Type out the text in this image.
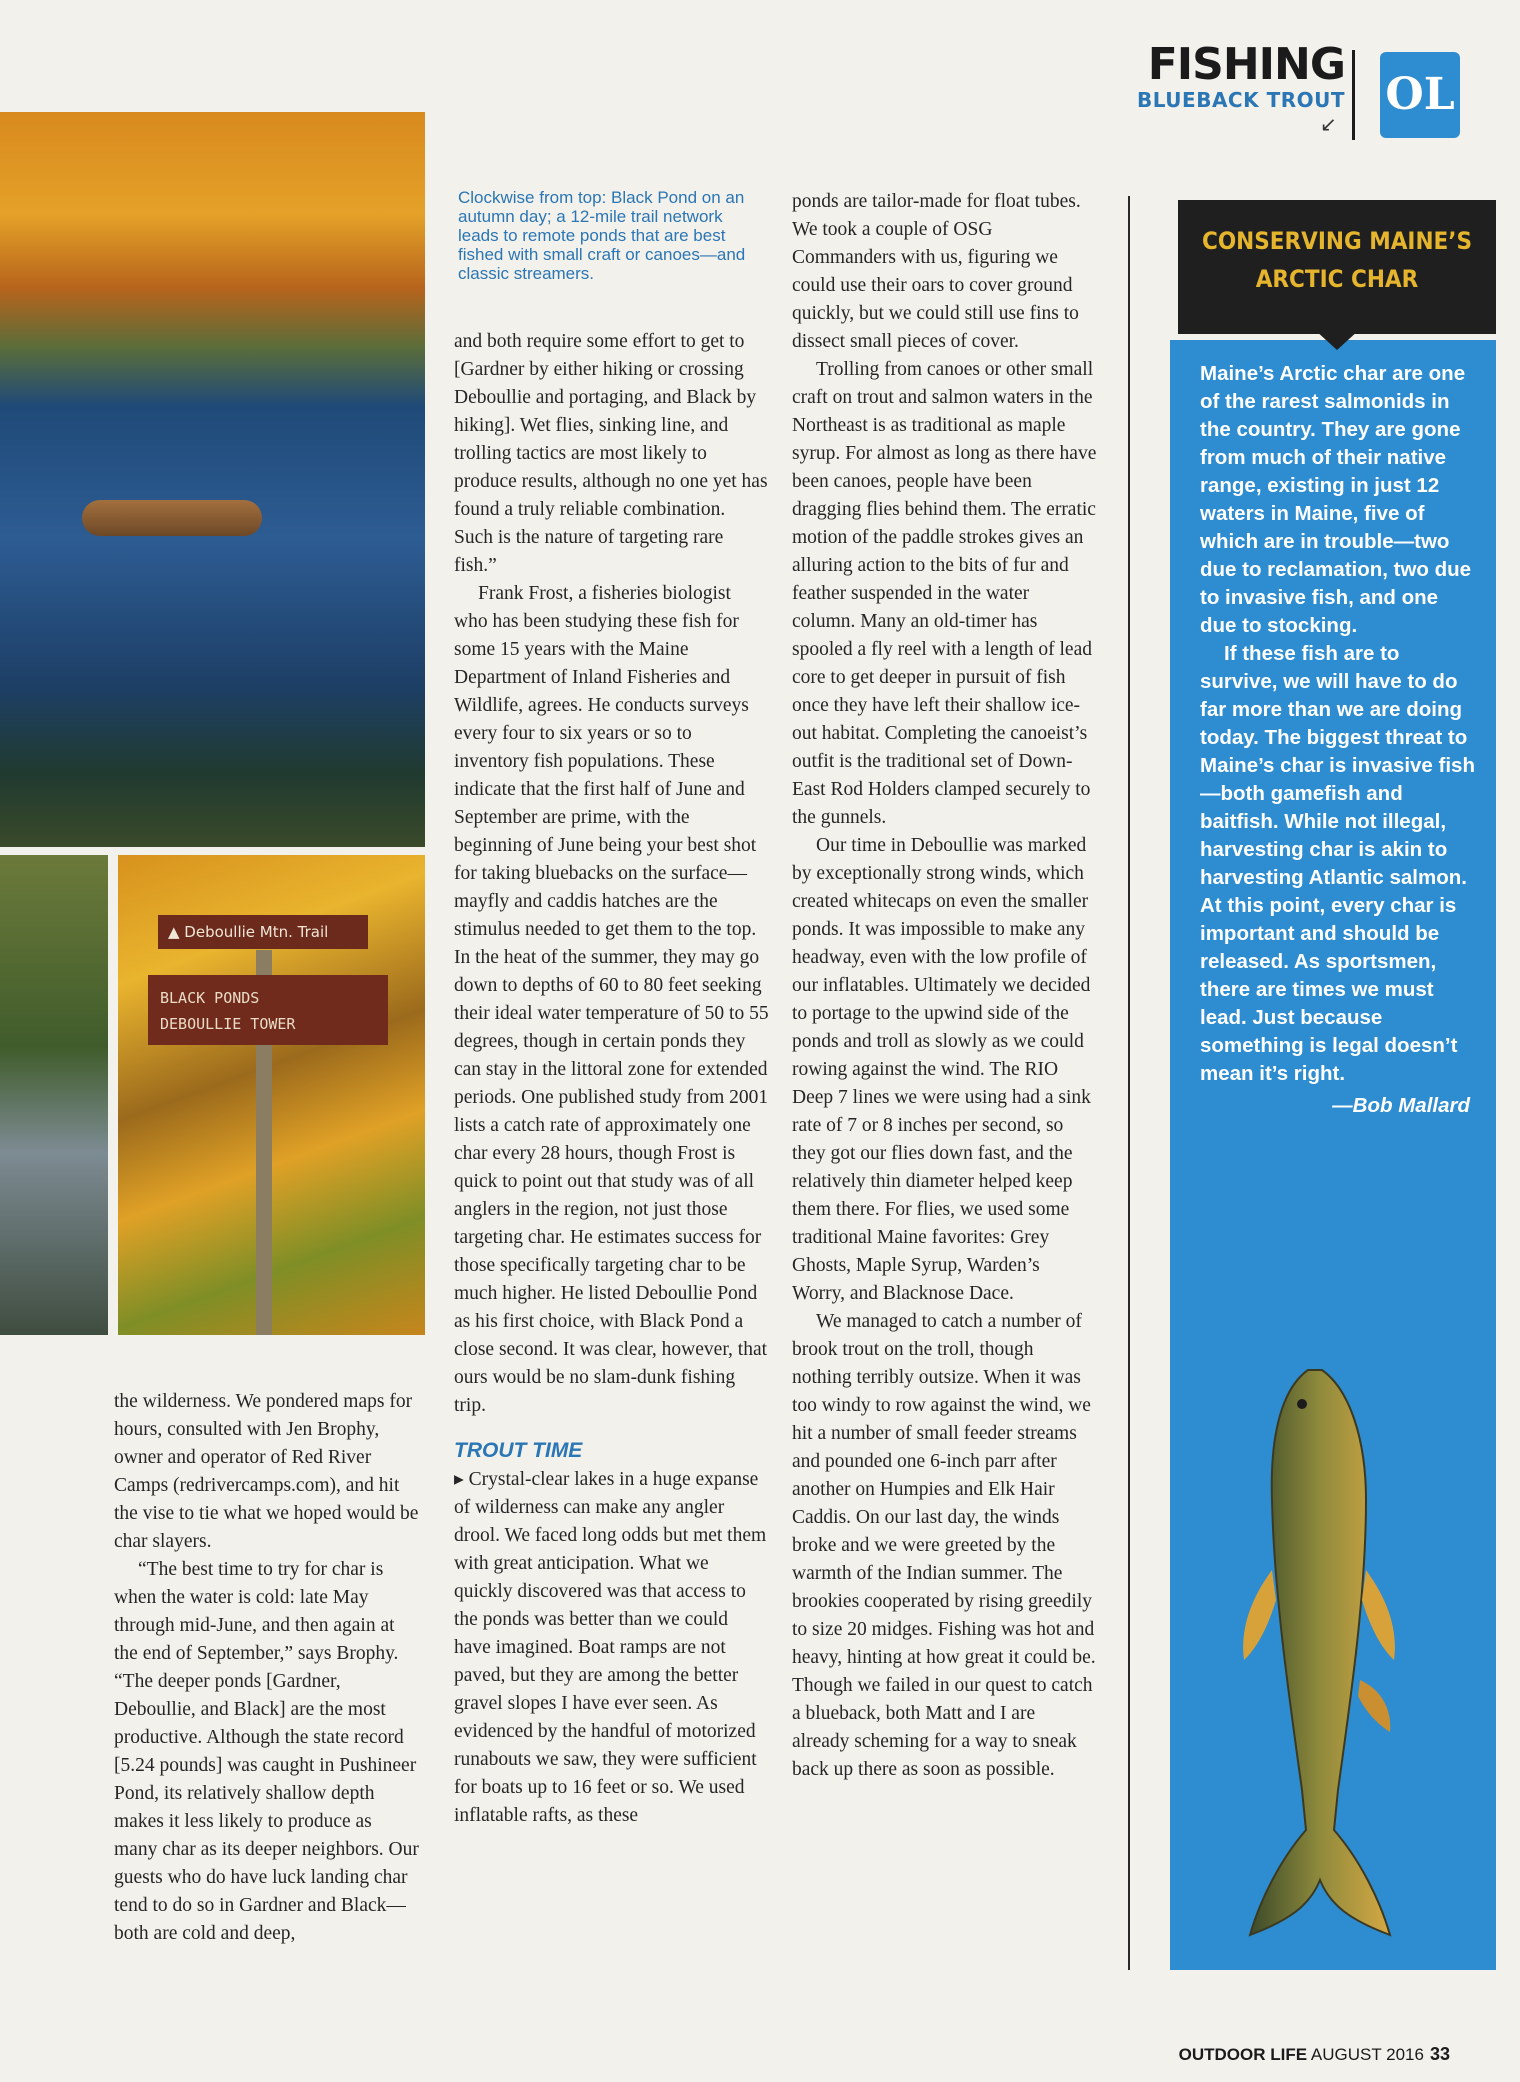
FISHING
BLUEBACK TROUT
↙
OL
▲ Deboullie Mtn. Trail
BLACK PONDS
DEBOULLIE TOWER
Clockwise from top: Black Pond on an autumn day; a 12-mile trail network leads to remote ponds that are best fished with small craft or canoes—and classic streamers.

the wilderness. We pondered maps for hours, consulted with Jen Brophy, owner and operator of Red River Camps (redrivercamps.com), and hit the vise to tie what we hoped would be char slayers.

“The best time to try for char is when the water is cold: late May through mid-June, and then again at the end of September,” says Brophy. “The deeper ponds [Gardner, Deboullie, and Black] are the most productive. Although the state record [5.24 pounds] was caught in Pushineer Pond, its relatively shallow depth makes it less likely to produce as many char as its deeper neighbors. Our guests who do have luck landing char tend to do so in Gardner and Black—both are cold and deep,

and both require some effort to get to [Gardner by either hiking or crossing Deboullie and portaging, and Black by hiking]. Wet flies, sinking line, and trolling tactics are most likely to produce results, although no one yet has found a truly reliable combination. Such is the nature of targeting rare fish.”

Frank Frost, a fisheries biologist who has been studying these fish for some 15 years with the Maine Department of Inland Fisheries and Wildlife, agrees. He conducts surveys every four to six years or so to inventory fish populations. These indicate that the first half of June and September are prime, with the beginning of June being your best shot for taking bluebacks on the surface—mayfly and caddis hatches are the stimulus needed to get them to the top. In the heat of the summer, they may go down to depths of 60 to 80 feet seeking their ideal water temperature of 50 to 55 degrees, though in certain ponds they can stay in the littoral zone for extended periods. One published study from 2001 lists a catch rate of approximately one char every 28 hours, though Frost is quick to point out that study was of all anglers in the region, not just those targeting char. He estimates success for those specifically targeting char to be much higher. He listed Deboullie Pond as his first choice, with Black Pond a close second. It was clear, however, that ours would be no slam-dunk fishing trip.

TROUT TIME

▸ Crystal-clear lakes in a huge expanse of wilderness can make any angler drool. We faced long odds but met them with great anticipation. What we quickly discovered was that access to the ponds was better than we could have imagined. Boat ramps are not paved, but they are among the better gravel slopes I have ever seen. As evidenced by the handful of motorized runabouts we saw, they were sufficient for boats up to 16 feet or so. We used inflatable rafts, as these

ponds are tailor-made for float tubes. We took a couple of OSG Commanders with us, figuring we could use their oars to cover ground quickly, but we could still use fins to dissect small pieces of cover.

Trolling from canoes or other small craft on trout and salmon waters in the Northeast is as traditional as maple syrup. For almost as long as there have been canoes, people have been dragging flies behind them. The erratic motion of the paddle strokes gives an alluring action to the bits of fur and feather suspended in the water column. Many an old-timer has spooled a fly reel with a length of lead core to get deeper in pursuit of fish once they have left their shallow ice-out habitat. Completing the canoeist’s outfit is the traditional set of Down-East Rod Holders clamped securely to the gunnels.

Our time in Deboullie was marked by exceptionally strong winds, which created whitecaps on even the smaller ponds. It was impossible to make any headway, even with the low profile of our inflatables. Ultimately we decided to portage to the upwind side of the ponds and troll as slowly as we could rowing against the wind. The RIO Deep 7 lines we were using had a sink rate of 7 or 8 inches per second, so they got our flies down fast, and the relatively thin diameter helped keep them there. For flies, we used some traditional Maine favorites: Grey Ghosts, Maple Syrup, Warden’s Worry, and Blacknose Dace.

We managed to catch a number of brook trout on the troll, though nothing terribly outsize. When it was too windy to row against the wind, we hit a number of small feeder streams and pounded one 6-inch parr after another on Humpies and Elk Hair Caddis. On our last day, the winds broke and we were greeted by the warmth of the Indian summer. The brookies cooperated by rising greedily to size 20 midges. Fishing was hot and heavy, hinting at how great it could be. Though we failed in our quest to catch a blueback, both Matt and I are already scheming for a way to sneak back up there as soon as possible.

CONSERVING MAINE’S
ARCTIC CHAR

Maine’s Arctic char are one of the rarest salmonids in the country. They are gone from much of their native range, existing in just 12 waters in Maine, five of which are in trouble—two due to reclamation, two due to invasive fish, and one due to stocking.

If these fish are to survive, we will have to do far more than we are doing today. The biggest threat to Maine’s char is invasive fish—both gamefish and baitfish. While not illegal, harvesting char is akin to harvesting Atlantic salmon. At this point, every char is important and should be released. As sportsmen, there are times we must lead. Just because something is legal doesn’t mean it’s right.

—Bob Mallard
OUTDOOR LIFE AUGUST 2016 33
